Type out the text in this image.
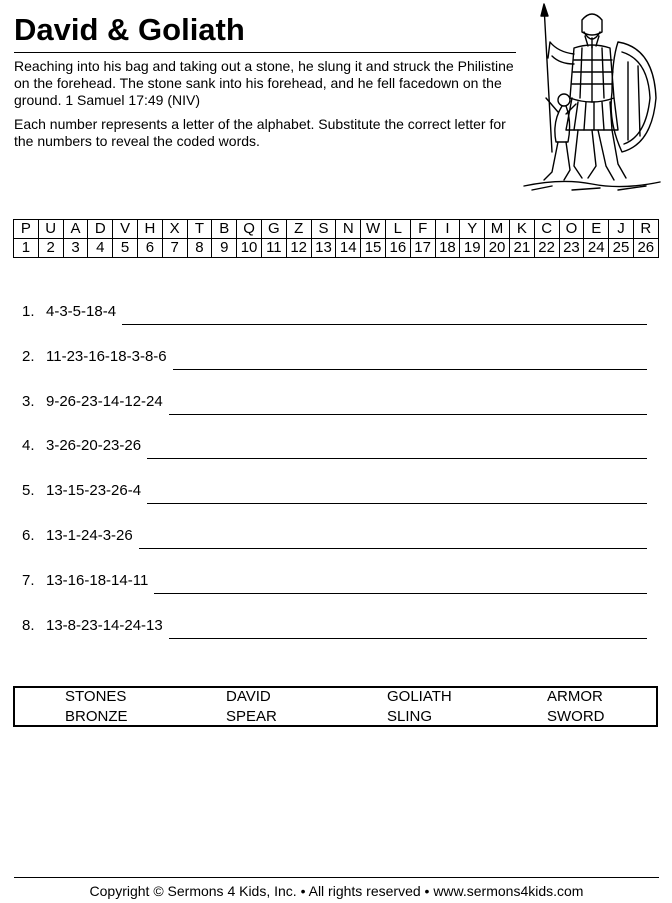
David & Goliath
Reaching into his bag and taking out a stone, he slung it and struck the Philistine on the forehead. The stone sank into his forehead, and he fell facedown on the ground. 1 Samuel 17:49 (NIV)
Each number represents a letter of the alphabet. Substitute the correct letter for the numbers to reveal the coded words.
P	U	A	D	V	H	X	T	B	Q	G	Z	S	N	W	L	F	I	Y	M	K	C	O	E	J	R
1	2	3	4	5	6	7	8	9	10	11	12	13	14	15	16	17	18	19	20	21	22	23	24	25	26
1. 4-3-5-18-4
2. 11-23-16-18-3-8-6
3. 9-26-23-14-12-24
4. 3-26-20-23-26
5. 13-15-23-26-4
6. 13-1-24-3-26
7. 13-16-18-14-11
8. 13-8-23-14-24-13
STONES	DAVID	GOLIATH	ARMOR
BRONZE	SPEAR	SLING	SWORD
Copyright © Sermons 4 Kids, Inc. • All rights reserved • www.sermons4kids.com
